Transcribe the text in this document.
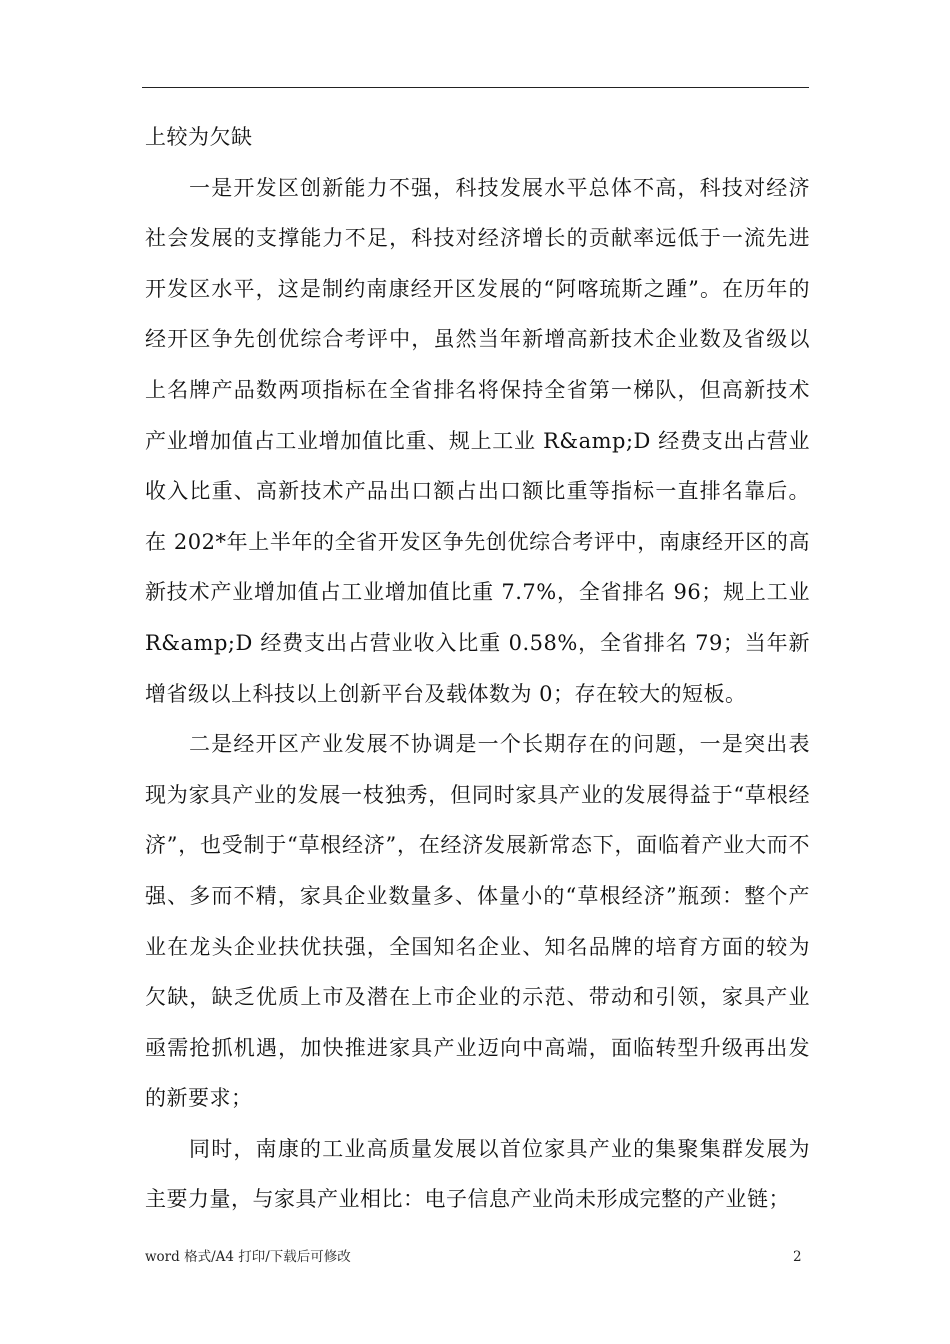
上较为欠缺

一是开发区创新能力不强，科技发展水平总体不高，科技对经济社会发展的支撑能力不足，科技对经济增长的贡献率远低于一流先进开发区水平，这是制约南康经开区发展的“阿喀琉斯之踵”。在历年的经开区争先创优综合考评中，虽然当年新增高新技术企业数及省级以上名牌产品数两项指标在全省排名将保持全省第一梯队，但高新技术产业增加值占工业增加值比重、规上工业 R&amp;D 经费支出占营业收入比重、高新技术产品出口额占出口额比重等指标一直排名靠后。在 202*年上半年的全省开发区争先创优综合考评中，南康经开区的高新技术产业增加值占工业增加值比重 7.7%，全省排名 96；规上工业 R&amp;D 经费支出占营业收入比重 0.58%，全省排名 79；当年新增省级以上科技以上创新平台及载体数为 0；存在较大的短板。

二是经开区产业发展不协调是一个长期存在的问题，一是突出表现为家具产业的发展一枝独秀，但同时家具产业的发展得益于“草根经济”，也受制于“草根经济”，在经济发展新常态下，面临着产业大而不强、多而不精，家具企业数量多、体量小的“草根经济”瓶颈：整个产业在龙头企业扶优扶强，全国知名企业、知名品牌的培育方面的较为欠缺，缺乏优质上市及潜在上市企业的示范、带动和引领，家具产业亟需抢抓机遇，加快推进家具产业迈向中高端，面临转型升级再出发的新要求；

同时，南康的工业高质量发展以首位家具产业的集聚集群发展为主要力量，与家具产业相比：电子信息产业尚未形成完整的产业链；

word 格式/A4 打印/下载后可修改	2
